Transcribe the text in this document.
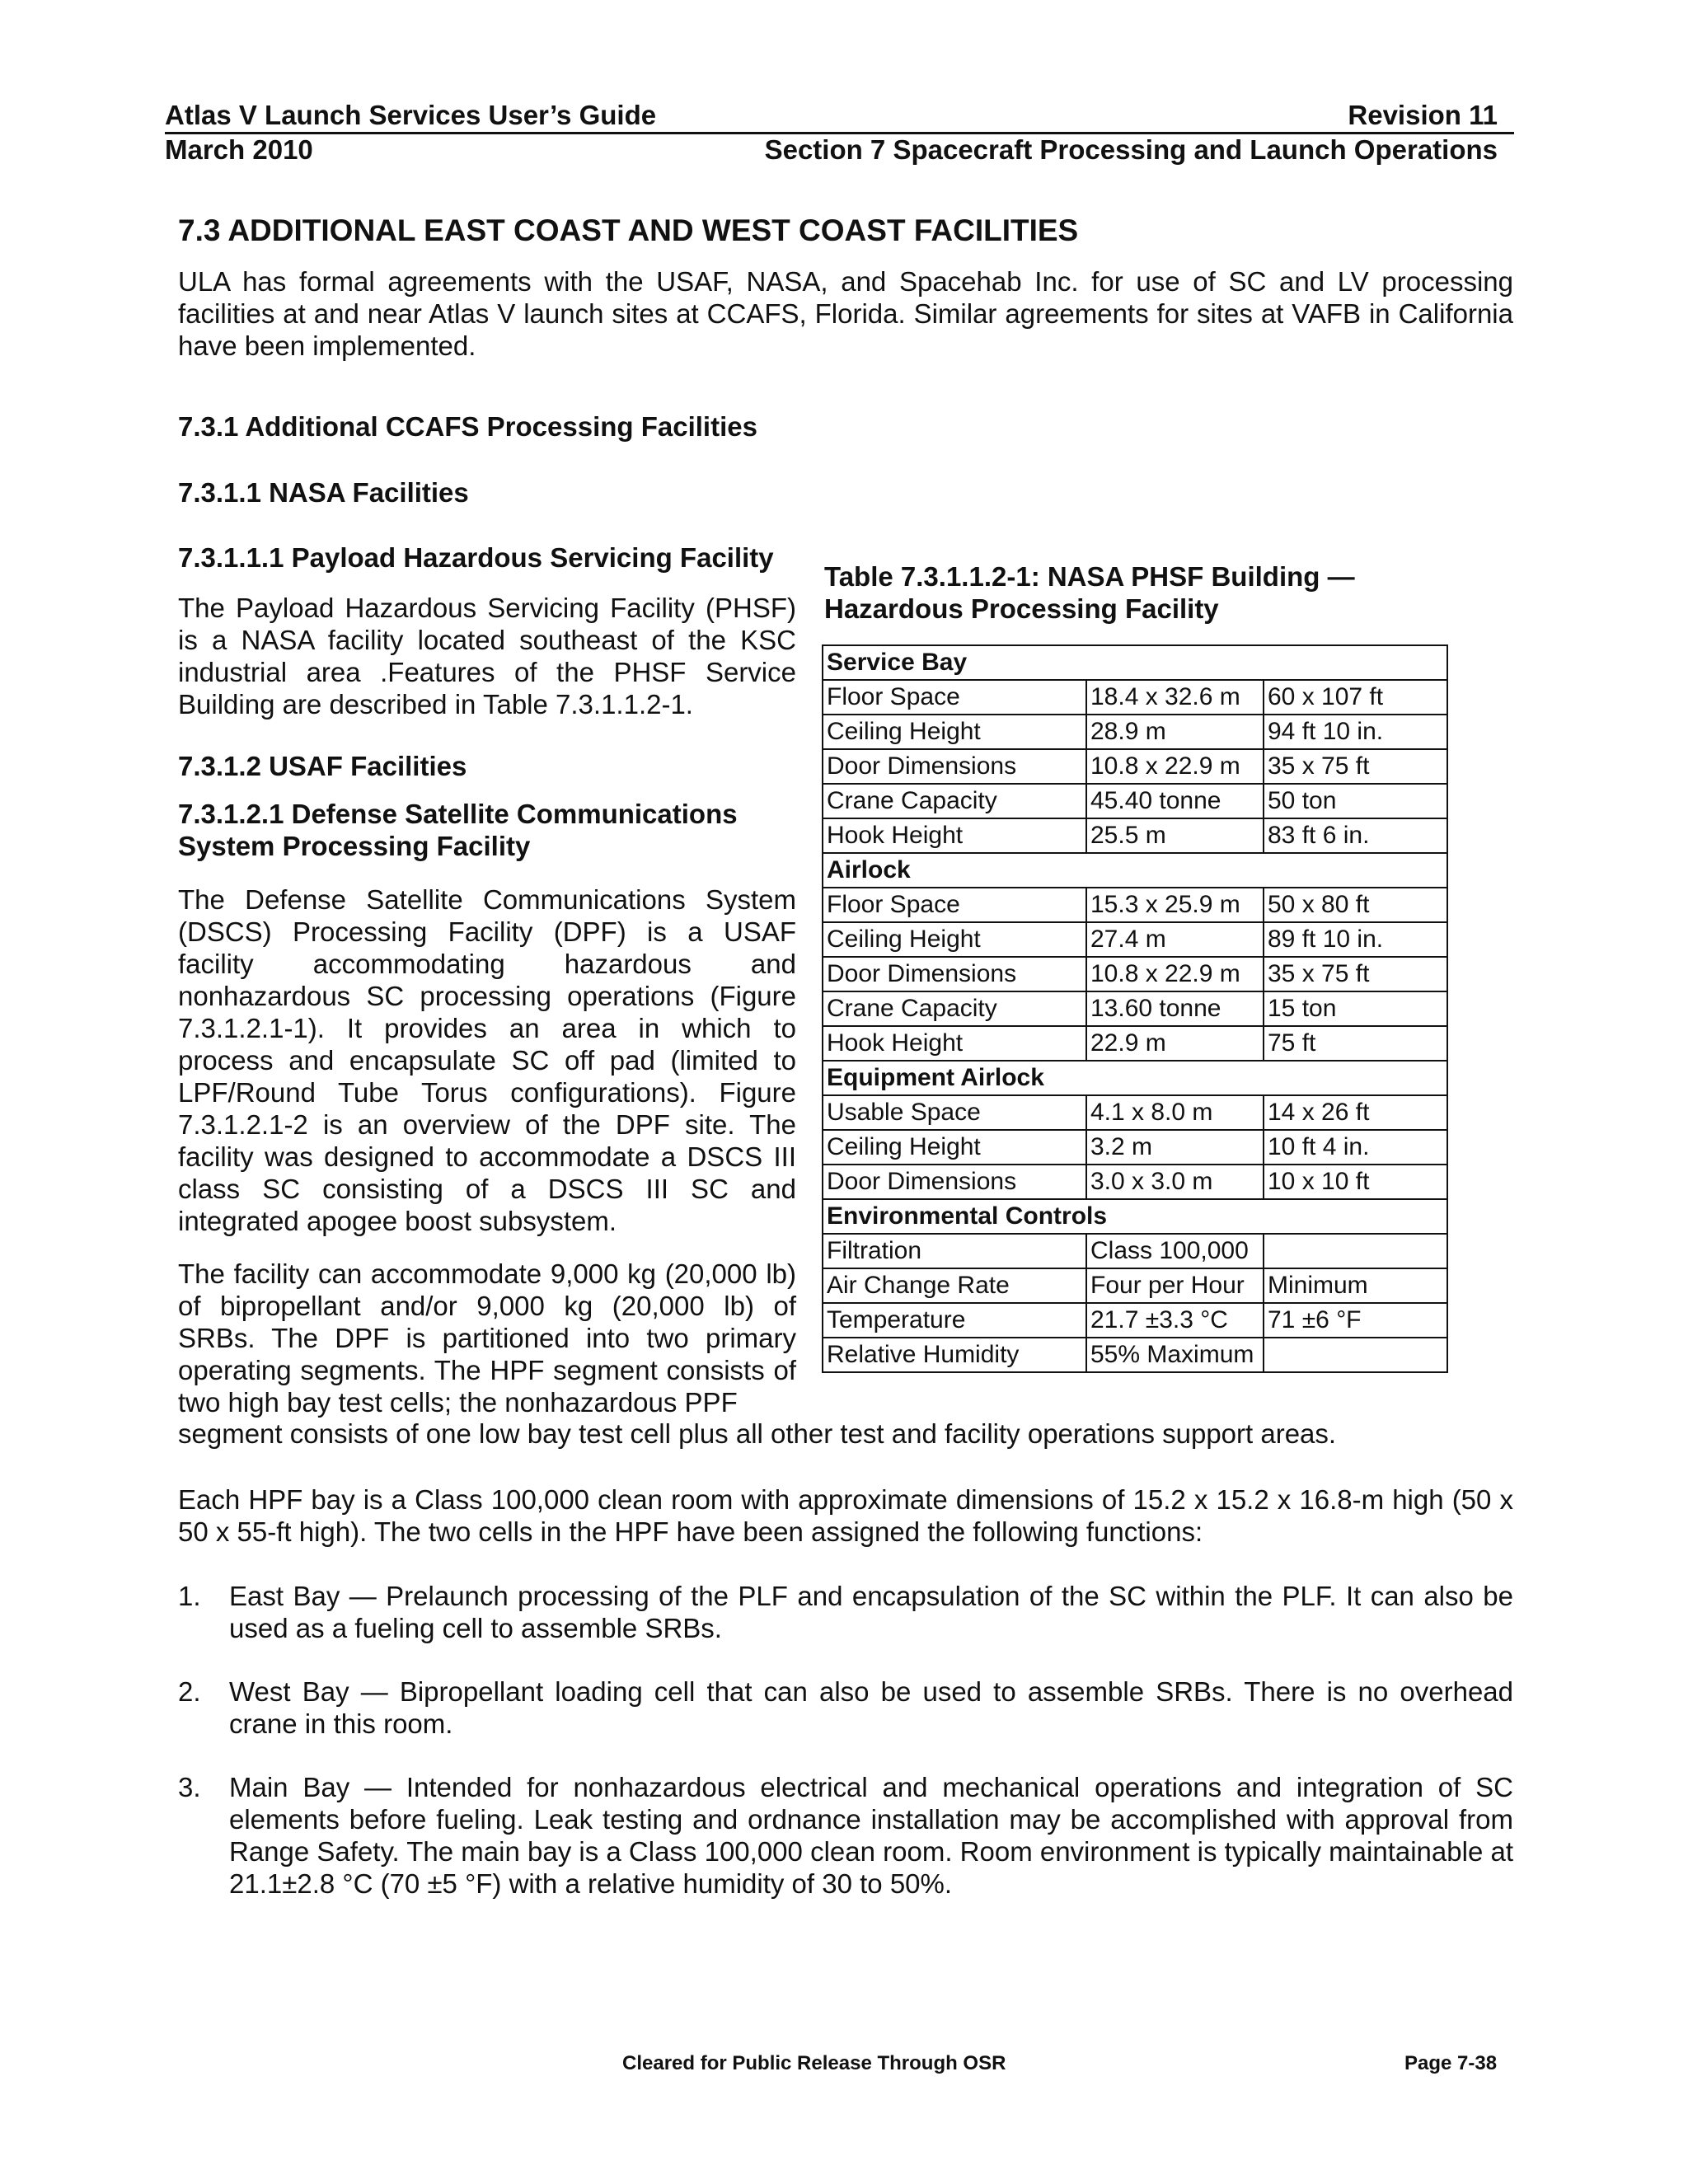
Atlas V Launch Services User’s Guide	Revision 11
March 2010	Section 7 Spacecraft Processing and Launch Operations
7.3 ADDITIONAL EAST COAST AND WEST COAST FACILITIES

ULA has formal agreements with the USAF, NASA, and Spacehab Inc. for use of SC and LV processing facilities at and near Atlas V launch sites at CCAFS, Florida. Similar agreements for sites at VAFB in California have been implemented.

7.3.1 Additional CCAFS Processing Facilities
7.3.1.1 NASA Facilities
7.3.1.1.1 Payload Hazardous Servicing Facility

The Payload Hazardous Servicing Facility (PHSF) is a NASA facility located southeast of the KSC industrial area .Features of the PHSF Service Building are described in Table 7.3.1.1.2-1.

7.3.1.2 USAF Facilities
7.3.1.2.1 Defense Satellite Communications
System Processing Facility

The Defense Satellite Communications System (DSCS) Processing Facility (DPF) is a USAF facility accommodating hazardous and nonhazardous SC processing operations (Figure 7.3.1.2.1-1). It provides an area in which to process and encapsulate SC off pad (limited to LPF/Round Tube Torus configurations). Figure 7.3.1.2.1-2 is an overview of the DPF site. The facility was designed to accommodate a DSCS III class SC consisting of a DSCS III SC and integrated apogee boost subsystem.

The facility can accommodate 9,000 kg (20,000 lb) of bipropellant and/or 9,000 kg (20,000 lb) of SRBs. The DPF is partitioned into two primary operating segments. The HPF segment consists of two high bay test cells; the nonhazardous PPF

segment consists of one low bay test cell plus all other test and facility operations support areas.

Each HPF bay is a Class 100,000 clean room with approximate dimensions of 15.2 x 15.2 x 16.8-m high (50 x 50 x 55-ft high). The two cells in the HPF have been assigned the following functions:

Table 7.3.1.1.2-1: NASA PHSF Building —
Hazardous Processing Facility
Service Bay		
Floor Space	18.4 x 32.6 m	60 x 107 ft
Ceiling Height	28.9 m	94 ft 10 in.
Door Dimensions	10.8 x 22.9 m	35 x 75 ft
Crane Capacity	45.40 tonne	50 ton
Hook Height	25.5 m	83 ft 6 in.
Airlock		
Floor Space	15.3 x 25.9 m	50 x 80 ft
Ceiling Height	27.4 m	89 ft 10 in.
Door Dimensions	10.8 x 22.9 m	35 x 75 ft
Crane Capacity	13.60 tonne	15 ton
Hook Height	22.9 m	75 ft
Equipment Airlock		
Usable Space	4.1 x 8.0 m	14 x 26 ft
Ceiling Height	3.2 m	10 ft 4 in.
Door Dimensions	3.0 x 3.0 m	10 x 10 ft
Environmental Controls		
Filtration	Class 100,000	
Air Change Rate	Four per Hour	Minimum
Temperature	21.7 ±3.3 °C	71 ±6 °F
Relative Humidity	55% Maximum	
1. East Bay — Prelaunch processing of the PLF and encapsulation of the SC within the PLF. It can also be used as a fueling cell to assemble SRBs.
2. West Bay — Bipropellant loading cell that can also be used to assemble SRBs. There is no overhead crane in this room.
3. Main Bay — Intended for nonhazardous electrical and mechanical operations and integration of SC elements before fueling. Leak testing and ordnance installation may be accomplished with approval from Range Safety. The main bay is a Class 100,000 clean room. Room environment is typically maintainable at 21.1±2.8 °C (70 ±5 °F) with a relative humidity of 30 to 50%.
Cleared for Public Release Through OSR	Page 7-38
